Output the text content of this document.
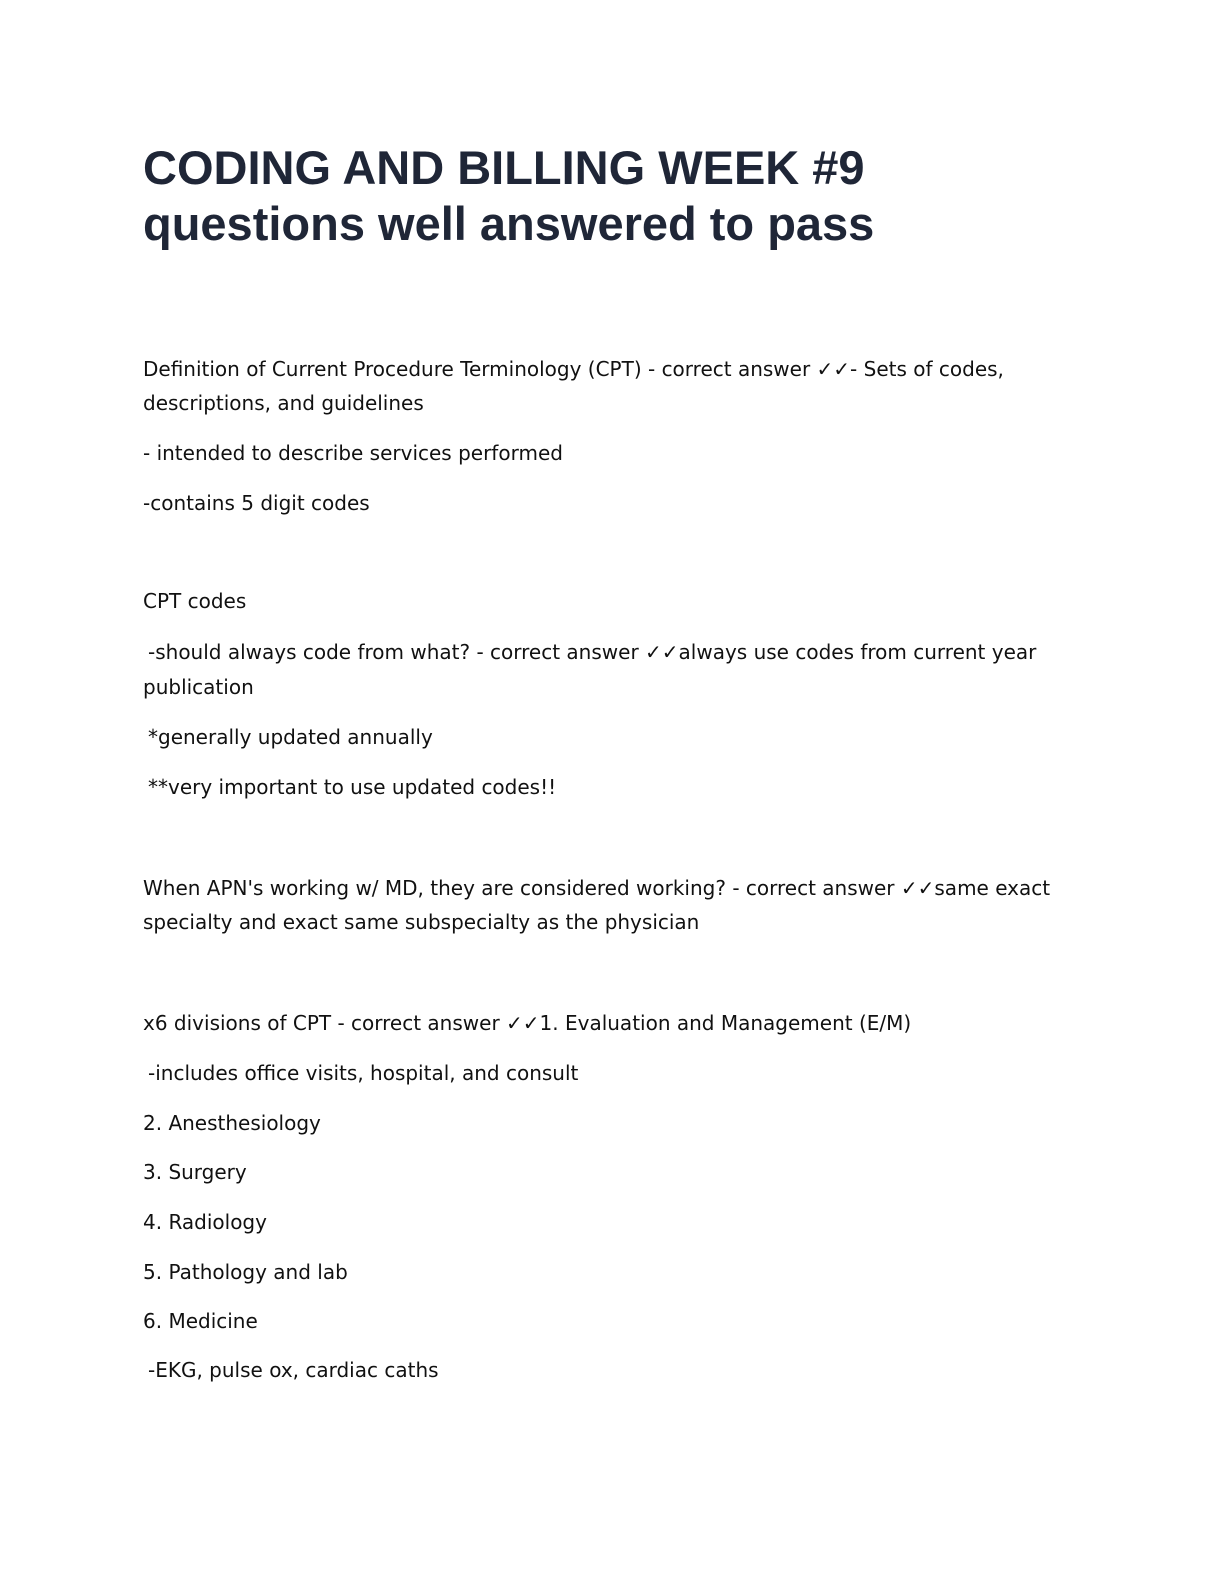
CODING AND BILLING WEEK #9
questions well answered to pass

Definition of Current Procedure Terminology (CPT) - correct answer ✓✓- Sets of codes,

descriptions, and guidelines

- intended to describe services performed

-contains 5 digit codes

CPT codes

-should always code from what? - correct answer ✓✓always use codes from current year

publication

*generally updated annually

**very important to use updated codes!!

When APN's working w/ MD, they are considered working? - correct answer ✓✓same exact

specialty and exact same subspecialty as the physician

x6 divisions of CPT - correct answer ✓✓1. Evaluation and Management (E/M)

-includes office visits, hospital, and consult

2. Anesthesiology

3. Surgery

4. Radiology

5. Pathology and lab

6. Medicine

-EKG, pulse ox, cardiac caths
